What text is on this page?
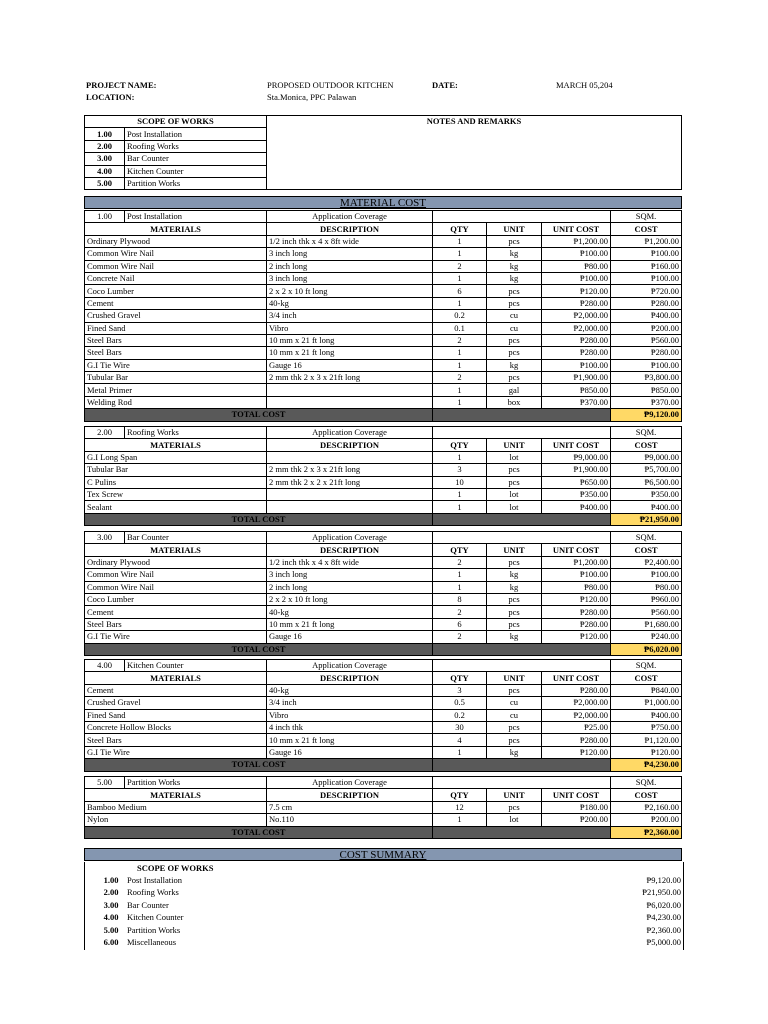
PROJECT NAME:	PROPOSED OUTDOOR KITCHEN	DATE:	MARCH 05,204
LOCATION:	Sta.Monica, PPC Palawan
SCOPE OF WORKS		NOTES AND REMARKS
1.00	Post Installation	
2.00	Roofing Works	
3.00	Bar Counter	
4.00	Kitchen Counter	
5.00	Partition Works	
MATERIAL COST
1.00	Post Installation	Application Coverage				SQM.
MATERIALS		DESCRIPTION	QTY	UNIT	UNIT COST	COST
Ordinary Plywood		1/2 inch thk x 4 x 8ft wide	1	pcs	₱1,200.00	₱1,200.00
Common Wire Nail		3 inch long	1	kg	₱100.00	₱100.00
Common Wire Nail		2 inch long	2	kg	₱80.00	₱160.00
Concrete Nail		3 inch long	1	kg	₱100.00	₱100.00
Coco Lumber		2 x 2 x 10 ft long	6	pcs	₱120.00	₱720.00
Cement		40-kg	1	pcs	₱280.00	₱280.00
Crushed Gravel		3/4 inch	0.2	cu	₱2,000.00	₱400.00
Fined Sand		Vibro	0.1	cu	₱2,000.00	₱200.00
Steel Bars		10 mm x 21 ft long	2	pcs	₱280.00	₱560.00
Steel Bars		10 mm x 21 ft long	1	pcs	₱280.00	₱280.00
G.I Tie Wire		Gauge 16	1	kg	₱100.00	₱100.00
Tubular Bar		2 mm thk 2 x 3 x 21ft long	2	pcs	₱1,900.00	₱3,800.00
Metal Primer			1	gal	₱850.00	₱850.00
Welding Rod			1	box	₱370.00	₱370.00
TOTAL COST						₱9,120.00
2.00	Roofing Works	Application Coverage				SQM.
MATERIALS		DESCRIPTION	QTY	UNIT	UNIT COST	COST
G.I Long Span			1	lot	₱9,000.00	₱9,000.00
Tubular Bar		2 mm thk 2 x 3 x 21ft long	3	pcs	₱1,900.00	₱5,700.00
C Pulins		2 mm thk 2 x 2 x 21ft long	10	pcs	₱650.00	₱6,500.00
Tex Screw			1	lot	₱350.00	₱350.00
Sealant			1	lot	₱400.00	₱400.00
TOTAL COST						₱21,950.00
3.00	Bar Counter	Application Coverage				SQM.
MATERIALS		DESCRIPTION	QTY	UNIT	UNIT COST	COST
Ordinary Plywood		1/2 inch thk x 4 x 8ft wide	2	pcs	₱1,200.00	₱2,400.00
Common Wire Nail		3 inch long	1	kg	₱100.00	₱100.00
Common Wire Nail		2 inch long	1	kg	₱80.00	₱80.00
Coco Lumber		2 x 2 x 10 ft long	8	pcs	₱120.00	₱960.00
Cement		40-kg	2	pcs	₱280.00	₱560.00
Steel Bars		10 mm x 21 ft long	6	pcs	₱280.00	₱1,680.00
G.I Tie Wire		Gauge 16	2	kg	₱120.00	₱240.00
TOTAL COST						₱6,020.00
4.00	Kitchen Counter	Application Coverage				SQM.
MATERIALS		DESCRIPTION	QTY	UNIT	UNIT COST	COST
Cement		40-kg	3	pcs	₱280.00	₱840.00
Crushed Gravel		3/4 inch	0.5	cu	₱2,000.00	₱1,000.00
Fined Sand		Vibro	0.2	cu	₱2,000.00	₱400.00
Concrete Hollow Blocks		4 inch thk	30	pcs	₱25.00	₱750.00
Steel Bars		10 mm x 21 ft long	4	pcs	₱280.00	₱1,120.00
G.I Tie Wire		Gauge 16	1	kg	₱120.00	₱120.00
TOTAL COST						₱4,230.00
5.00	Partition Works	Application Coverage				SQM.
MATERIALS		DESCRIPTION	QTY	UNIT	UNIT COST	COST
Bamboo Medium		7.5 cm	12	pcs	₱180.00	₱2,160.00
Nylon		No.110	1	lot	₱200.00	₱200.00
TOTAL COST						₱2,360.00
COST SUMMARY
SCOPE OF WORKS
1.00	Post Installation	₱9,120.00
2.00	Roofing Works	₱21,950.00
3.00	Bar Counter	₱6,020.00
4.00	Kitchen Counter	₱4,230.00
5.00	Partition Works	₱2,360.00
6.00	Miscellaneous	₱5,000.00
